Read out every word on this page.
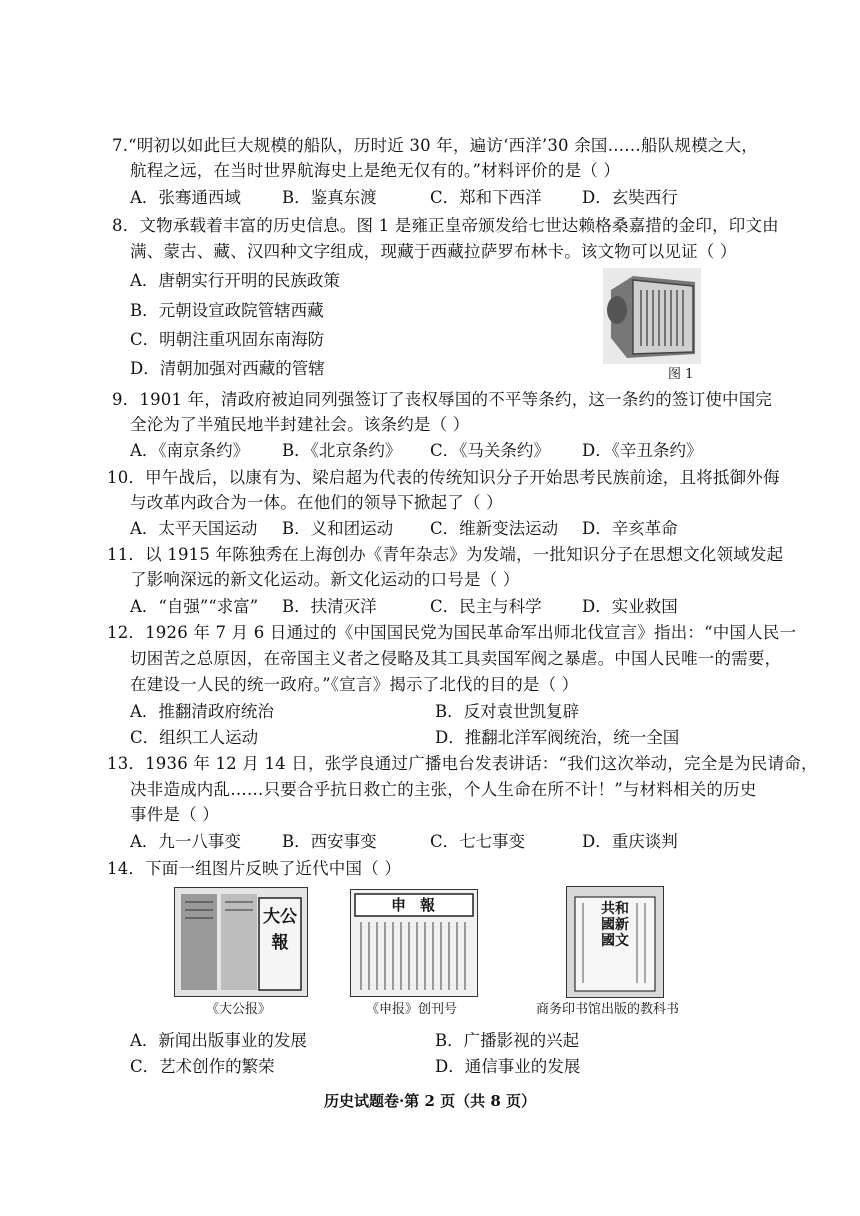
7.“明初以如此巨大规模的船队，历时近 30 年，遍访‘西洋’30 余国……船队规模之大，
航程之远，在当时世界航海史上是绝无仅有的。”材料评价的是（ ）
A．张骞通西域 B．鉴真东渡	C．郑和下西洋 D．玄奘西行
8．文物承载着丰富的历史信息。图 1 是雍正皇帝颁发给七世达赖格桑嘉措的金印，印文由
满、蒙古、藏、汉四种文字组成，现藏于西藏拉萨罗布林卡。该文物可以见证（ ）
A．唐朝实行开明的民族政策
B．元朝设宣政院管辖西藏
C．明朝注重巩固东南海防
D．清朝加强对西藏的管辖	图 1
9．1901 年，清政府被迫同列强签订了丧权辱国的不平等条约，这一条约的签订使中国完
全沦为了半殖民地半封建社会。该条约是（ ）
A．《南京条约》 B．《北京条约》 C．《马关条约》 D．《辛丑条约》
10．甲午战后，以康有为、梁启超为代表的传统知识分子开始思考民族前途，且将抵御外侮
与改革内政合为一体。在他们的领导下掀起了（ ）
A．太平天国运动 B．义和团运动 C．维新变法运动 D．辛亥革命
11．以 1915 年陈独秀在上海创办《青年杂志》为发端，一批知识分子在思想文化领域发起
了影响深远的新文化运动。新文化运动的口号是（ ）
A．“自强”“求富” B．扶清灭洋	C．民主与科学 D．实业救国
12．1926 年 7 月 6 日通过的《中国国民党为国民革命军出师北伐宣言》指出：“中国人民一
切困苦之总原因，在帝国主义者之侵略及其工具卖国军阀之暴虐。中国人民唯一的需要，
在建设一人民的统一政府。”《宣言》揭示了北伐的目的是（ ）
A．推翻清政府统治	B．反对袁世凯复辟
C．组织工人运动	D．推翻北洋军阀统治，统一全国
13．1936 年 12 月 14 日，张学良通过广播电台发表讲话：“我们这次举动，完全是为民请命，
决非造成内乱……只要合乎抗日救亡的主张，个人生命在所不计！”与材料相关的历史
事件是（ ）
A．九一八事变 B．西安事变	C．七七事变	D．重庆谈判
14．下面一组图片反映了近代中国（ ）
大公報
《大公报》
申報
《申报》创刊号
共和國新國文
商务印书馆出版的教科书
A．新闻出版事业的发展	B．广播影视的兴起
C．艺术创作的繁荣	D．通信事业的发展
历史试题卷·第 2 页（共 8 页）
